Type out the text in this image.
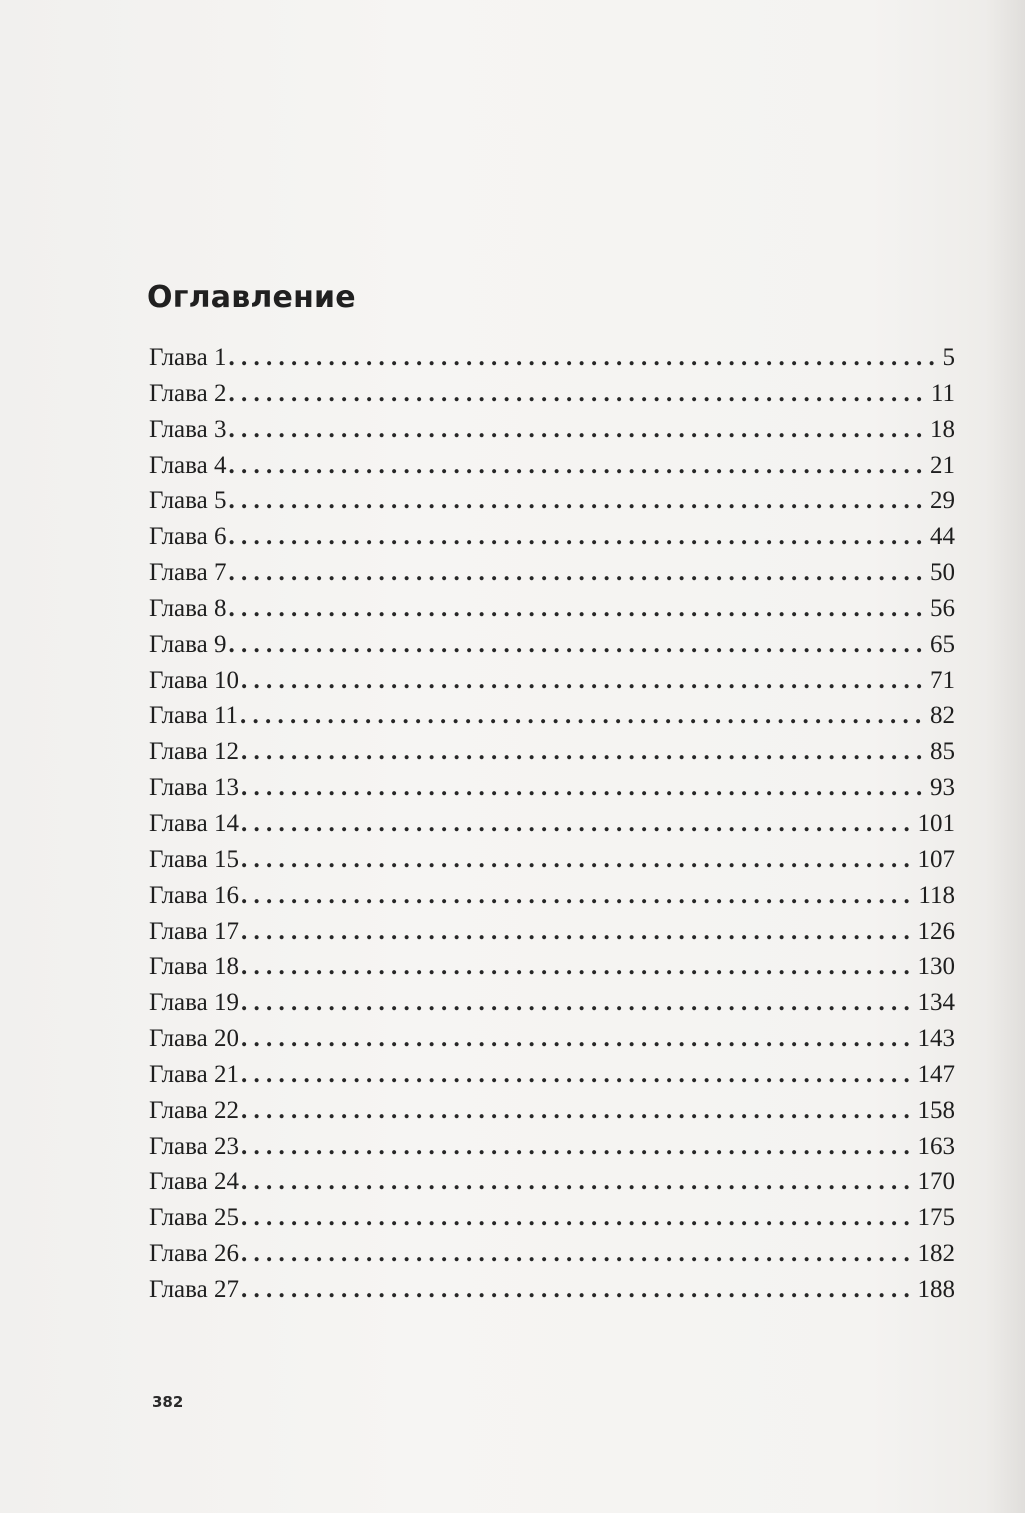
Оглавление
Глава 1 . . .	5
Глава 2 . . .	11
Глава 3 . . .	18
Глава 4 . . .	21
Глава 5 . . .	29
Глава 6 . . .	44
Глава 7 . . .	50
Глава 8 . . .	56
Глава 9 . . .	65
Глава 10 . . .	71
Глава 11 . . .	82
Глава 12 . . .	85
Глава 13 . . .	93
Глава 14 . . .	101
Глава 15 . . .	107
Глава 16 . . .	118
Глава 17 . . .	126
Глава 18 . . .	130
Глава 19 . . .	134
Глава 20 . . .	143
Глава 21 . . .	147
Глава 22 . . .	158
Глава 23 . . .	163
Глава 24 . . .	170
Глава 25 . . .	175
Глава 26 . . .	182
Глава 27 . . .	188
382
